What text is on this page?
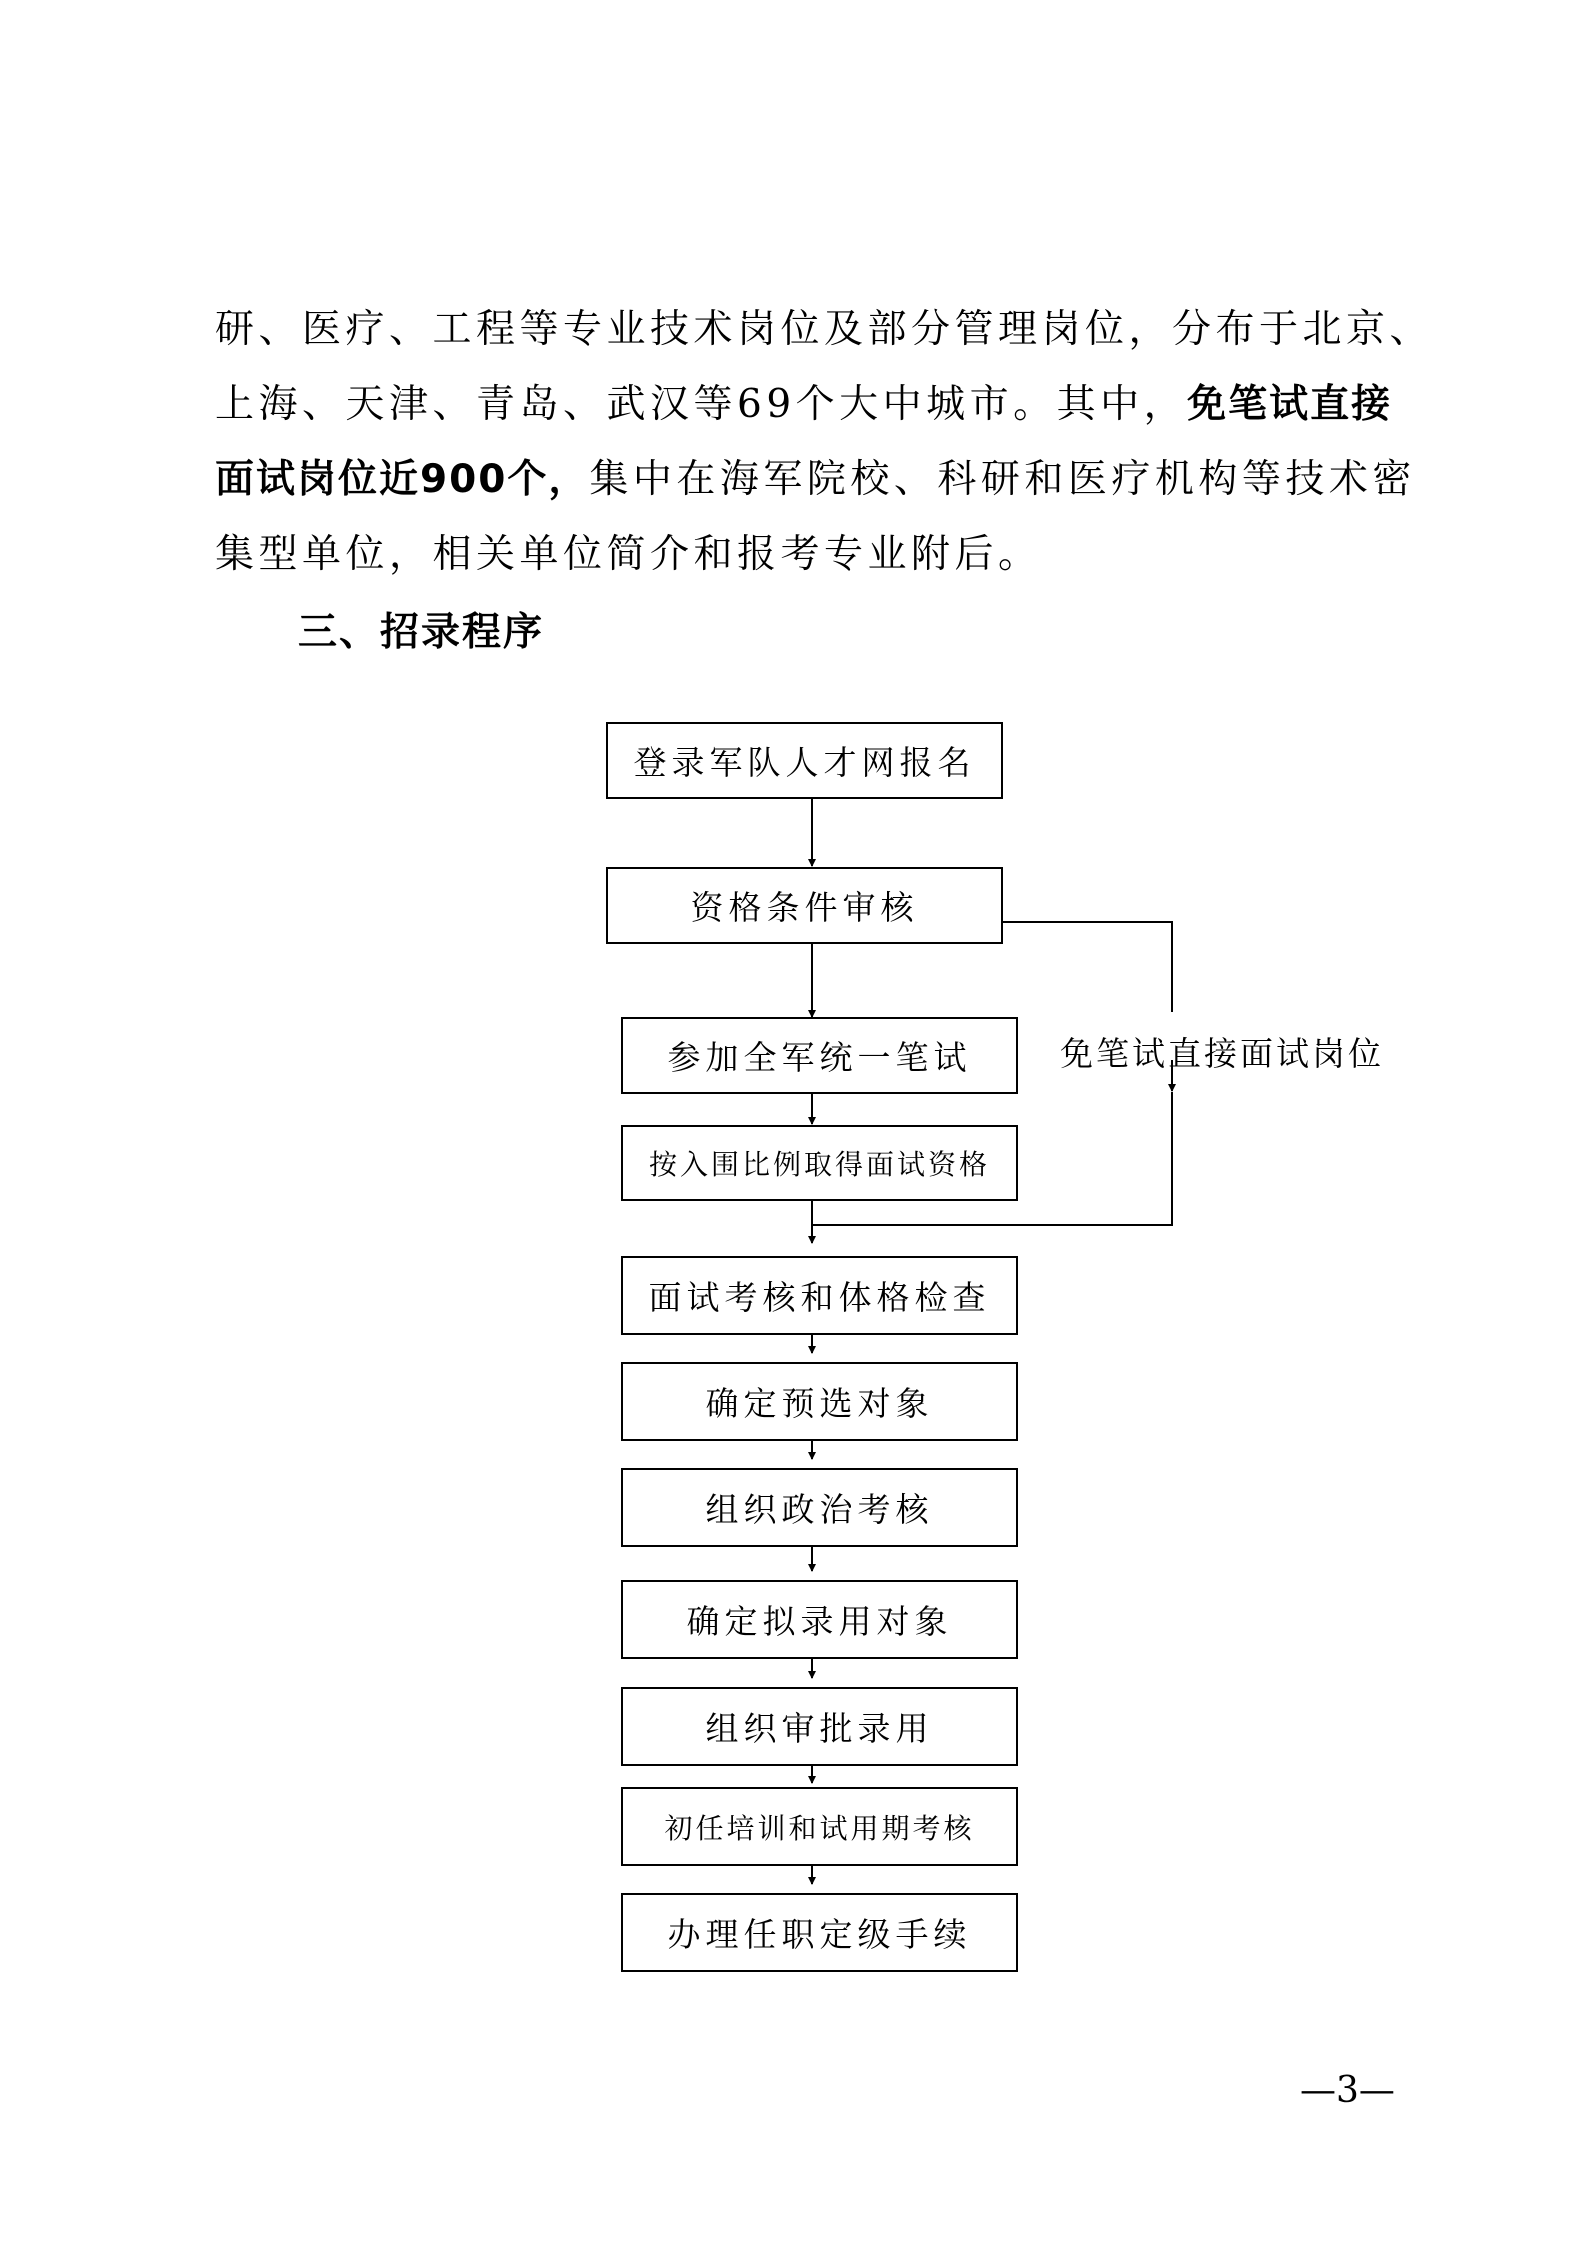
研、医疗、工程等专业技术岗位及部分管理岗位，分布于北京、
上海、天津、青岛、武汉等69个大中城市。其中，免笔试直接
面试岗位近900个，集中在海军院校、科研和医疗机构等技术密
集型单位，相关单位简介和报考专业附后。
三、招录程序
登录军队人才网报名
资格条件审核
参加全军统一笔试
按入围比例取得面试资格
面试考核和体格检查
确定预选对象
组织政治考核
确定拟录用对象
组织审批录用
初任培训和试用期考核
办理任职定级手续
免笔试直接面试岗位
—3—
